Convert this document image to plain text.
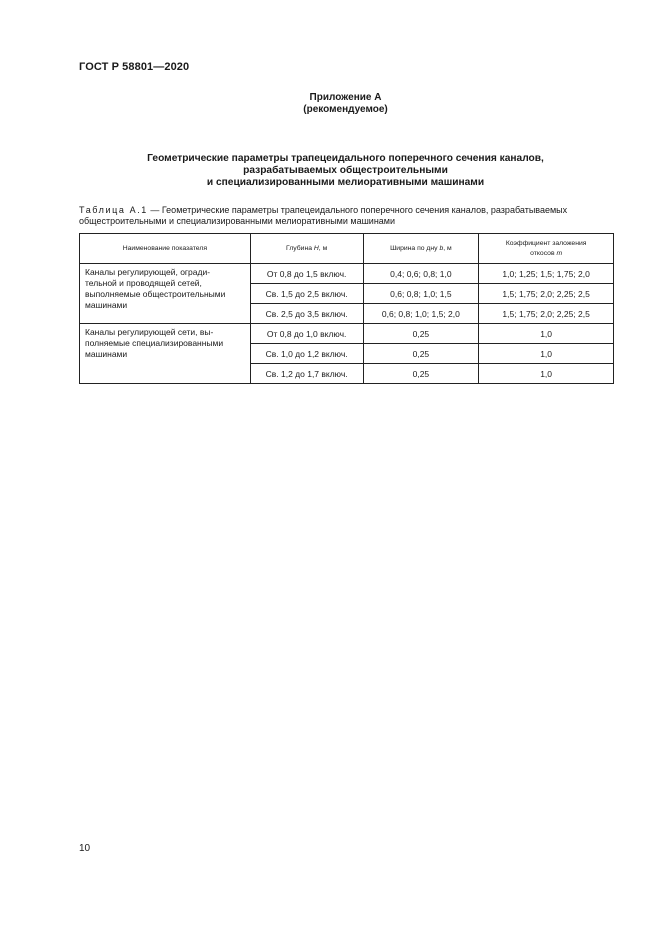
ГОСТ Р 58801—2020
Приложение А
(рекомендуемое)
Геометрические параметры трапецеидального поперечного сечения каналов,
разрабатываемых общестроительными
и специализированными мелиоративными машинами
Таблица А.1 — Геометрические параметры трапецеидального поперечного сечения каналов, разрабатываемых общестроительными и специализированными мелиоративными машинами
Наименование показателя	Глубина H, м	Ширина по дну b, м	Коэффициент заложения
откосов m

Каналы регулирующей, огради-
тельной и проводящей сетей,
выполняемые общестроительными
машинами	От 0,8 до 1,5 включ.	0,4; 0,6; 0,8; 1,0	1,0; 1,25; 1,5; 1,75; 2,0
	Св. 1,5 до 2,5 включ.	0,6; 0,8; 1,0; 1,5	1,5; 1,75; 2,0; 2,25; 2,5
	Св. 2,5 до 3,5 включ.	0,6; 0,8; 1,0; 1,5; 2,0	1,5; 1,75; 2,0; 2,25; 2,5

Каналы регулирующей сети, вы-
полняемые специализированными
машинами	От 0,8 до 1,0 включ.	0,25	1,0
	Св. 1,0 до 1,2 включ.	0,25	1,0
	Св. 1,2 до 1,7 включ.	0,25	1,0
10
